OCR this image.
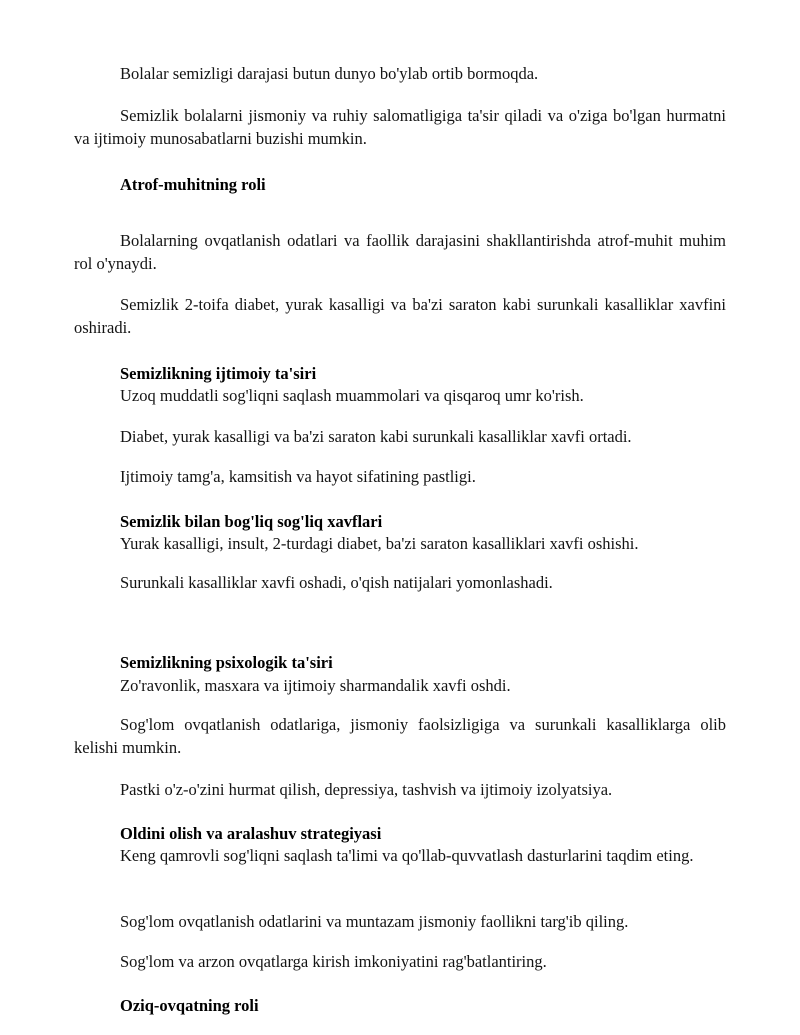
Bolalar semizligi darajasi butun dunyo bo'ylab ortib bormoqda.

Semizlik bolalarni jismoniy va ruhiy salomatligiga ta'sir qiladi va o'ziga bo'lgan hurmatni va ijtimoiy munosabatlarni buzishi mumkin.

Atrof-muhitning roli

Bolalarning ovqatlanish odatlari va faollik darajasini shakllantirishda atrof-muhit muhim rol o'ynaydi.

Semizlik 2-toifa diabet, yurak kasalligi va ba'zi saraton kabi surunkali kasalliklar xavfini oshiradi.

Semizlikning ijtimoiy ta'siri

Uzoq muddatli sog'liqni saqlash muammolari va qisqaroq umr ko'rish.

Diabet, yurak kasalligi va ba'zi saraton kabi surunkali kasalliklar xavfi ortadi.

Ijtimoiy tamg'a, kamsitish va hayot sifatining pastligi.

Semizlik bilan bog'liq sog'liq xavflari

Yurak kasalligi, insult, 2-turdagi diabet, ba'zi saraton kasalliklari xavfi oshishi.

Surunkali kasalliklar xavfi oshadi, o'qish natijalari yomonlashadi.

Semizlikning psixologik ta'siri

Zo'ravonlik, masxara va ijtimoiy sharmandalik xavfi oshdi.

Sog'lom ovqatlanish odatlariga, jismoniy faolsizligiga va surunkali kasalliklarga olib kelishi mumkin.

Pastki o'z-o'zini hurmat qilish, depressiya, tashvish va ijtimoiy izolyatsiya.

Oldini olish va aralashuv strategiyasi

Keng qamrovli sog'liqni saqlash ta'limi va qo'llab-quvvatlash dasturlarini taqdim eting.

Sog'lom ovqatlanish odatlarini va muntazam jismoniy faollikni targ'ib qiling.

Sog'lom va arzon ovqatlarga kirish imkoniyatini rag'batlantiring.

Oziq-ovqatning roli
